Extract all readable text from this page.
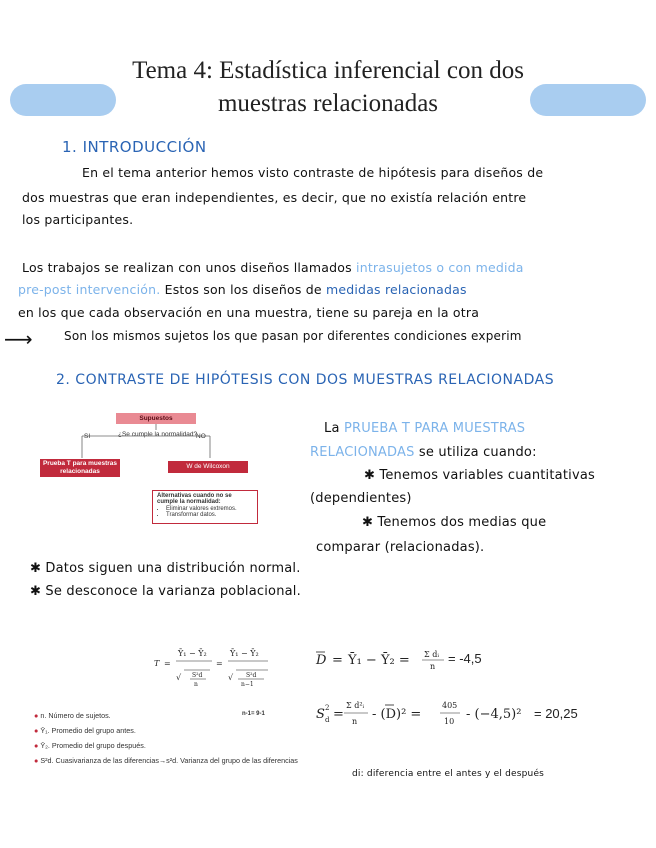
Tema 4: Estadística inferencial con dos
muestras relacionadas
1. INTRODUCCIÓN
En el tema anterior hemos visto contraste de hipótesis para diseños de
dos muestras que eran independientes, es decir, que no existía relación entre
los participantes.
Los trabajos se realizan con unos diseños llamados intrasujetos o con medida
pre-post intervención. Estos son los diseños de medidas relacionadas
en los que cada observación en una muestra, tiene su pareja en la otra
⟶	Son los mismos sujetos los que pasan por diferentes condiciones experim
2. CONTRASTE DE HIPÓTESIS CON DOS MUESTRAS RELACIONADAS
Supuestos
¿Se cumple la normalidad?
SI	NO
Prueba T para muestras relacionadas
W de Wilcoxon
Alternativas cuando no se cumple la normalidad:
• Eliminar valores extremos.
• Transformar datos.
La PRUEBA T PARA MUESTRAS
RELACIONADAS se utiliza cuando:
✱ Tenemos variables cuantitativas
(dependientes)
✱ Tenemos dos medias que
comparar (relacionadas).
✱ Datos siguen una distribución normal.
✱ Se desconoce la varianza poblacional.
T =
Ȳ₁ − Ȳ₂
√ S²d
n
=
Ȳ₁ − Ȳ₂
√ S²d
n−1
D = Ȳ₁ − Ȳ₂ = Σ dᵢ
n
= -4,5
S 2
d =
Σ d²ᵢ
n - (D)² =
405
10 - (−4,5)² = 20,25
n-1= 9-1
● n. Número de sujetos.
● Ȳ₁. Promedio del grupo antes.
● Ȳ₂. Promedio del grupo después.
● S²d. Cuasivarianza de las diferencias→s²d. Varianza del grupo de las diferencias
di: diferencia entre el antes y el después
